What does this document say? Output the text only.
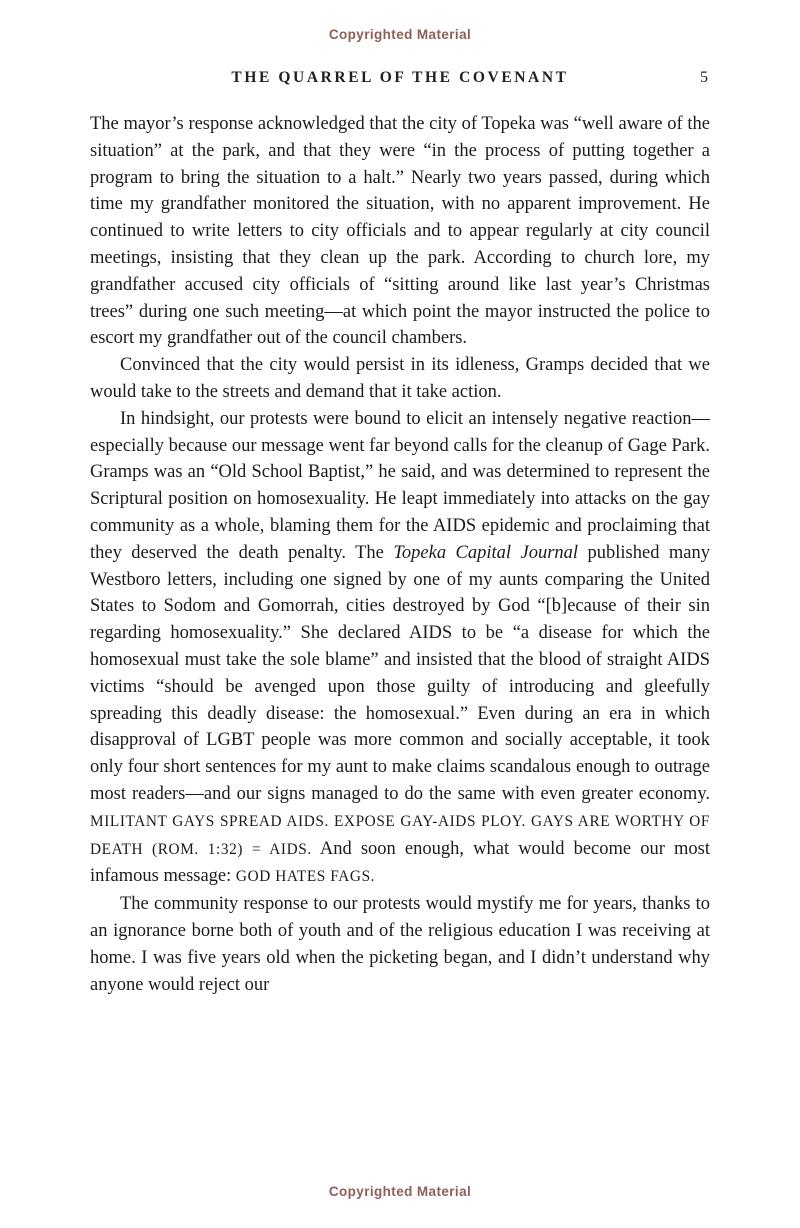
Copyrighted Material
THE QUARREL OF THE COVENANT	5

The mayor’s response acknowledged that the city of Topeka was “well aware of the situation” at the park, and that they were “in the process of putting together a program to bring the situation to a halt.” Nearly two years passed, during which time my grandfather monitored the situation, with no apparent improvement. He continued to write letters to city officials and to appear regularly at city council meetings, insisting that they clean up the park. According to church lore, my grandfather accused city officials of “sitting around like last year’s Christmas trees” during one such meeting—at which point the mayor instructed the police to escort my grandfather out of the council chambers.

Convinced that the city would persist in its idleness, Gramps decided that we would take to the streets and demand that it take action.

In hindsight, our protests were bound to elicit an intensely negative reaction—especially because our message went far beyond calls for the cleanup of Gage Park. Gramps was an “Old School Baptist,” he said, and was determined to represent the Scriptural position on homosexuality. He leapt immediately into attacks on the gay community as a whole, blaming them for the AIDS epidemic and proclaiming that they deserved the death penalty. The Topeka Capital Journal published many Westboro letters, including one signed by one of my aunts comparing the United States to Sodom and Gomorrah, cities destroyed by God “[b]ecause of their sin regarding homosexuality.” She declared AIDS to be “a disease for which the homosexual must take the sole blame” and insisted that the blood of straight AIDS victims “should be avenged upon those guilty of introducing and gleefully spreading this deadly disease: the homosexual.” Even during an era in which disapproval of LGBT people was more common and socially acceptable, it took only four short sentences for my aunt to make claims scandalous enough to outrage most readers—and our signs managed to do the same with even greater economy. MILITANT GAYS SPREAD AIDS. EXPOSE GAY-AIDS PLOY. GAYS ARE WORTHY OF DEATH (ROM. 1:32) = AIDS. And soon enough, what would become our most infamous message: GOD HATES FAGS.

The community response to our protests would mystify me for years, thanks to an ignorance borne both of youth and of the religious education I was receiving at home. I was five years old when the picketing began, and I didn’t understand why anyone would reject our

Copyrighted Material
